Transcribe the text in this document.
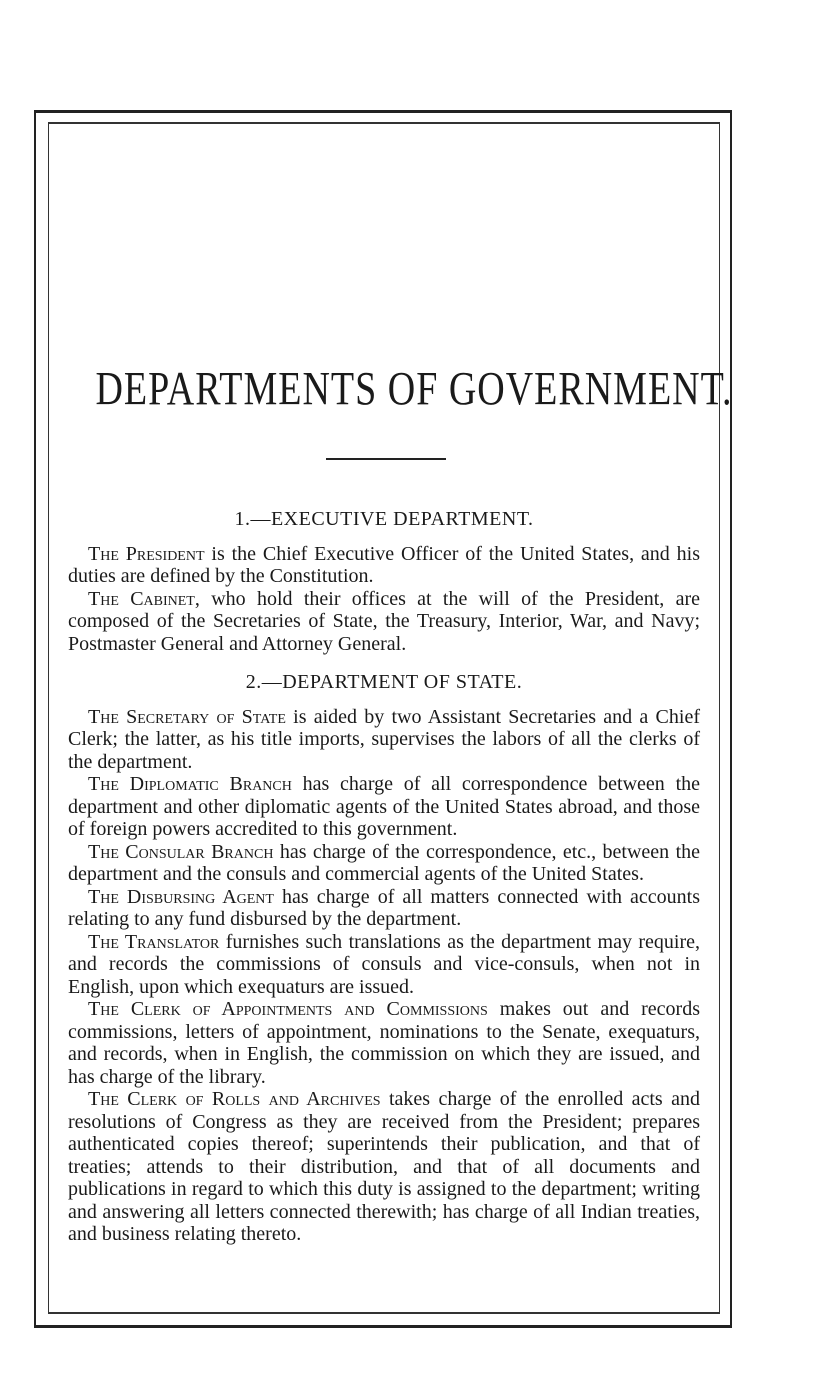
DEPARTMENTS OF GOVERNMENT.
1.—EXECUTIVE DEPARTMENT.

The President is the Chief Executive Officer of the United States, and his duties are defined by the Constitution.

The Cabinet, who hold their offices at the will of the President, are composed of the Secretaries of State, the Treasury, Interior, War, and Navy; Postmaster General and Attorney General.

2.—DEPARTMENT OF STATE.

The Secretary of State is aided by two Assistant Secretaries and a Chief Clerk; the latter, as his title imports, supervises the labors of all the clerks of the department.

The Diplomatic Branch has charge of all correspondence between the department and other diplomatic agents of the United States abroad, and those of foreign powers accredited to this government.

The Consular Branch has charge of the correspondence, etc., between the department and the consuls and commercial agents of the United States.

The Disbursing Agent has charge of all matters connected with accounts relating to any fund disbursed by the department.

The Translator furnishes such translations as the department may require, and records the commissions of consuls and vice-consuls, when not in English, upon which exequaturs are issued.

The Clerk of Appointments and Commissions makes out and records commissions, letters of appointment, nominations to the Senate, exequaturs, and records, when in English, the commission on which they are issued, and has charge of the library.

The Clerk of Rolls and Archives takes charge of the enrolled acts and resolutions of Congress as they are received from the President; prepares authenticated copies thereof; superintends their publication, and that of treaties; attends to their distribution, and that of all documents and publications in regard to which this duty is assigned to the department; writing and answering all letters connected therewith; has charge of all Indian treaties, and business relating thereto.
